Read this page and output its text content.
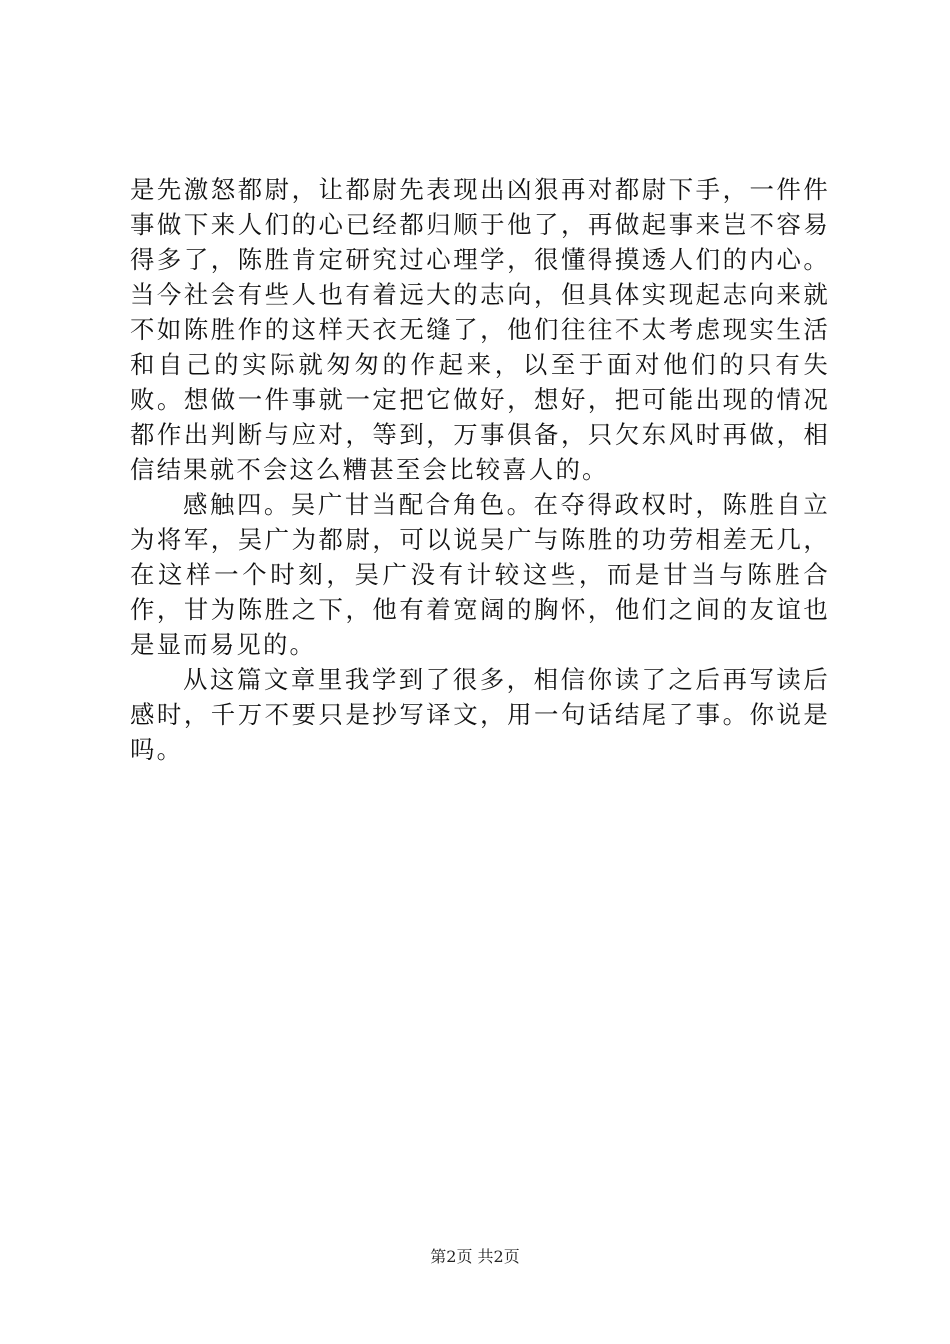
是先激怒都尉，让都尉先表现出凶狠再对都尉下手，一件件事做下来人们的心已经都归顺于他了，再做起事来岂不容易得多了，陈胜肯定研究过心理学，很懂得摸透人们的内心。当今社会有些人也有着远大的志向，但具体实现起志向来就不如陈胜作的这样天衣无缝了，他们往往不太考虑现实生活和自己的实际就匆匆的作起来，以至于面对他们的只有失败。想做一件事就一定把它做好，想好，把可能出现的情况都作出判断与应对，等到，万事俱备，只欠东风时再做，相信结果就不会这么糟甚至会比较喜人的。

感触四。吴广甘当配合角色。在夺得政权时，陈胜自立为将军，吴广为都尉，可以说吴广与陈胜的功劳相差无几，在这样一个时刻，吴广没有计较这些，而是甘当与陈胜合作，甘为陈胜之下，他有着宽阔的胸怀，他们之间的友谊也是显而易见的。

从这篇文章里我学到了很多，相信你读了之后再写读后感时，千万不要只是抄写译文，用一句话结尾了事。你说是吗。

第2页 共2页
